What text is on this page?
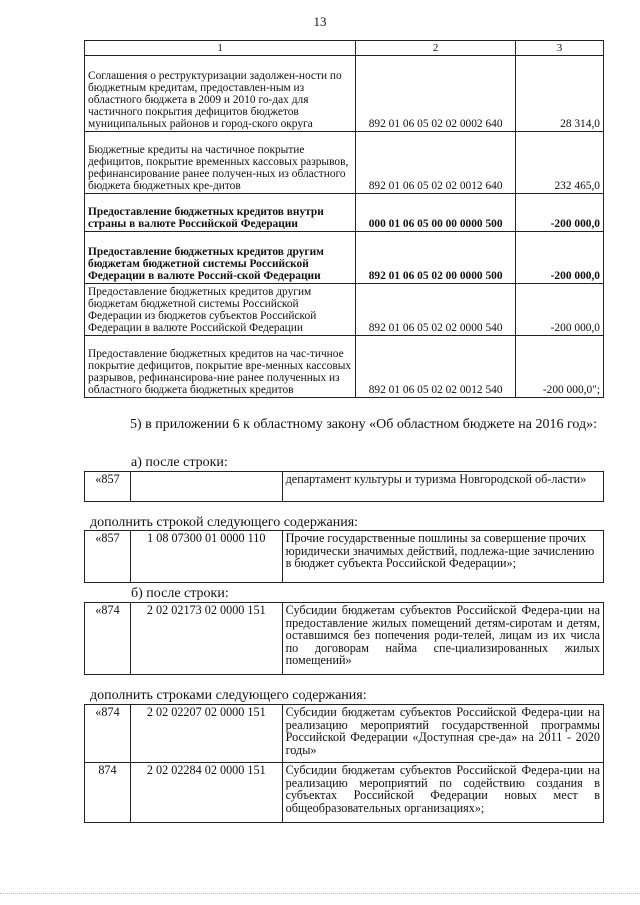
13
1	2	3
Соглашения о реструктуризации задолжен-ности по бюджетным кредитам, предоставлен-ным из областного бюджета в 2009 и 2010 го-дах для частичного покрытия дефицитов бюджетов муниципальных районов и город-ского округа	892 01 06 05 02 02 0002 640	28 314,0
Бюджетные кредиты на частичное покрытие дефицитов, покрытие временных кассовых разрывов, рефинансирование ранее получен-ных из областного бюджета бюджетных кре-дитов	892 01 06 05 02 02 0012 640	232 465,0
Предоставление бюджетных кредитов внутри страны в валюте Российской Федерации	000 01 06 05 00 00 0000 500	-200 000,0
Предоставление бюджетных кредитов другим бюджетам бюджетной системы Российской Федерации в валюте Россий-ской Федерации	892 01 06 05 02 00 0000 500	-200 000,0
Предоставление бюджетных кредитов другим бюджетам бюджетной системы Российской Федерации из бюджетов субъектов Российской Федерации в валюте Российской Федерации	892 01 06 05 02 02 0000 540	-200 000,0
Предоставление бюджетных кредитов на час-тичное покрытие дефицитов, покрытие вре-менных кассовых разрывов, рефинансирова-ние ранее полученных из областного бюджета бюджетных кредитов	892 01 06 05 02 02 0012 540	-200 000,0";
5) в приложении 6 к областному закону «Об областном бюджете на 2016 год»:
а) после строки:
«857		департамент культуры и туризма Новгородской об-ласти»
дополнить строкой следующего содержания:
«857	1 08 07300 01 0000 110	Прочие государственные пошлины за совершение прочих юридически значимых действий, подлежа-щие зачислению в бюджет субъекта Российской Федерации»;
б) после строки:
«874	2 02 02173 02 0000 151	Субсидии бюджетам субъектов Российской Федера-ции на предоставление жилых помещений детям-сиротам и детям, оставшимся без попечения роди-телей, лицам из их числа по договорам найма спе-циализированных жилых помещений»
дополнить строками следующего содержания:
«874	2 02 02207 02 0000 151	Субсидии бюджетам субъектов Российской Федера-ции на реализацию мероприятий государственной программы Российской Федерации «Доступная сре-да» на 2011 - 2020 годы»
874	2 02 02284 02 0000 151	Субсидии бюджетам субъектов Российской Федера-ции на реализацию мероприятий по содействию создания в субъектах Российской Федерации новых мест в общеобразовательных организациях»;
